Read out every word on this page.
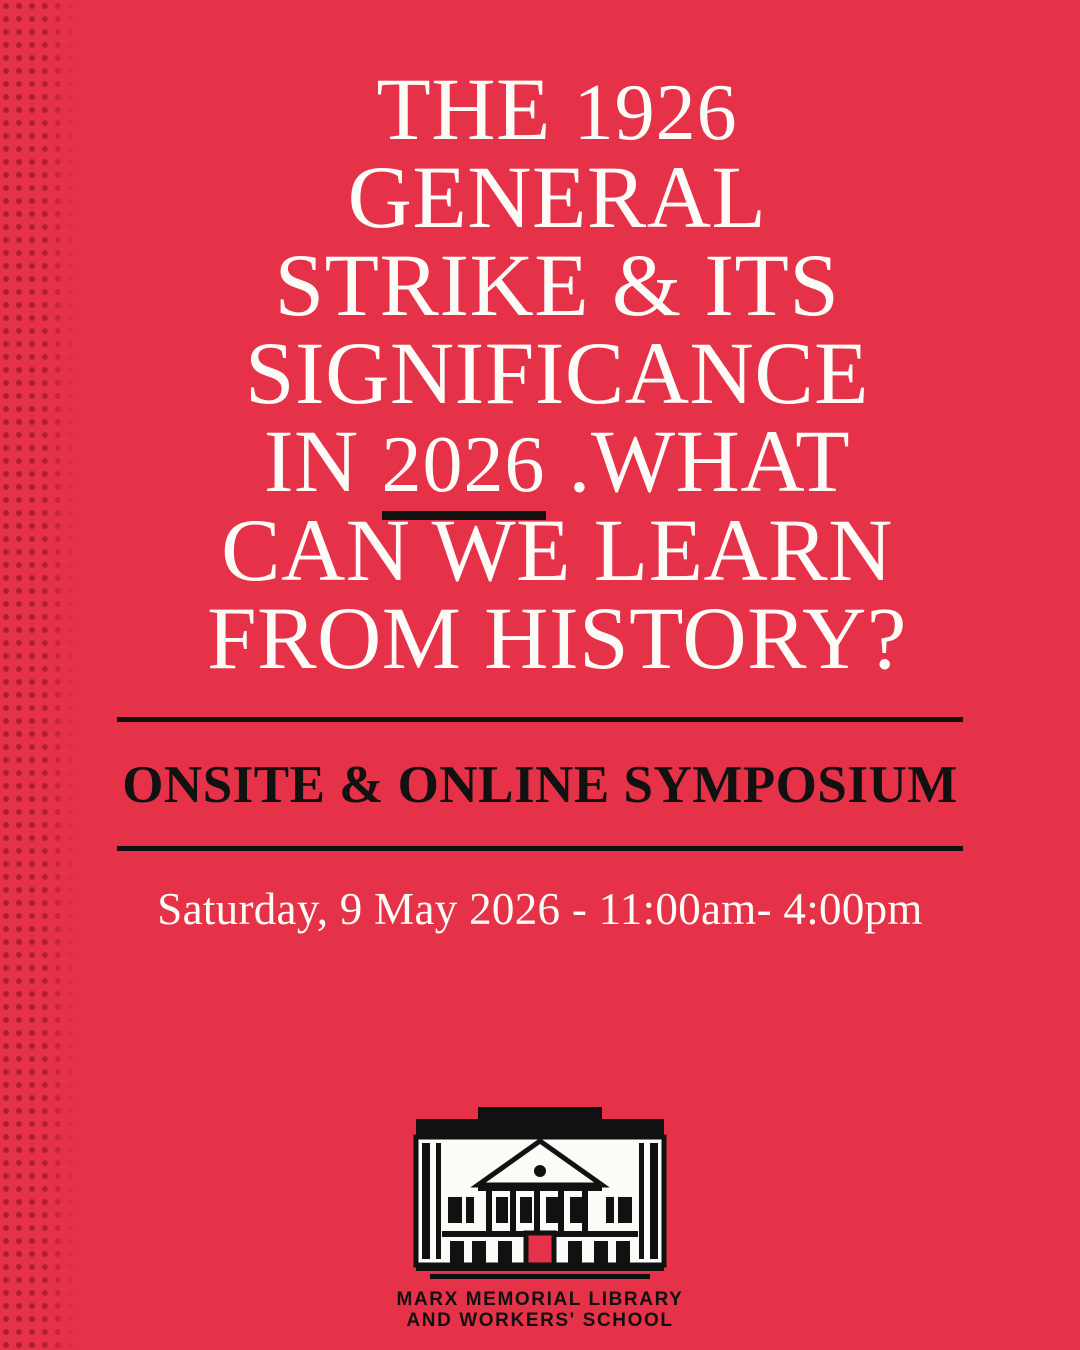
THE 1926
GENERAL
STRIKE & ITS
SIGNIFICANCE
IN 2026 .WHAT
CAN WE LEARN
FROM HISTORY?
ONSITE & ONLINE SYMPOSIUM
Saturday, 9 May 2026 - 11:00am- 4:00pm
MARX MEMORIAL LIBRARY
AND WORKERS' SCHOOL
